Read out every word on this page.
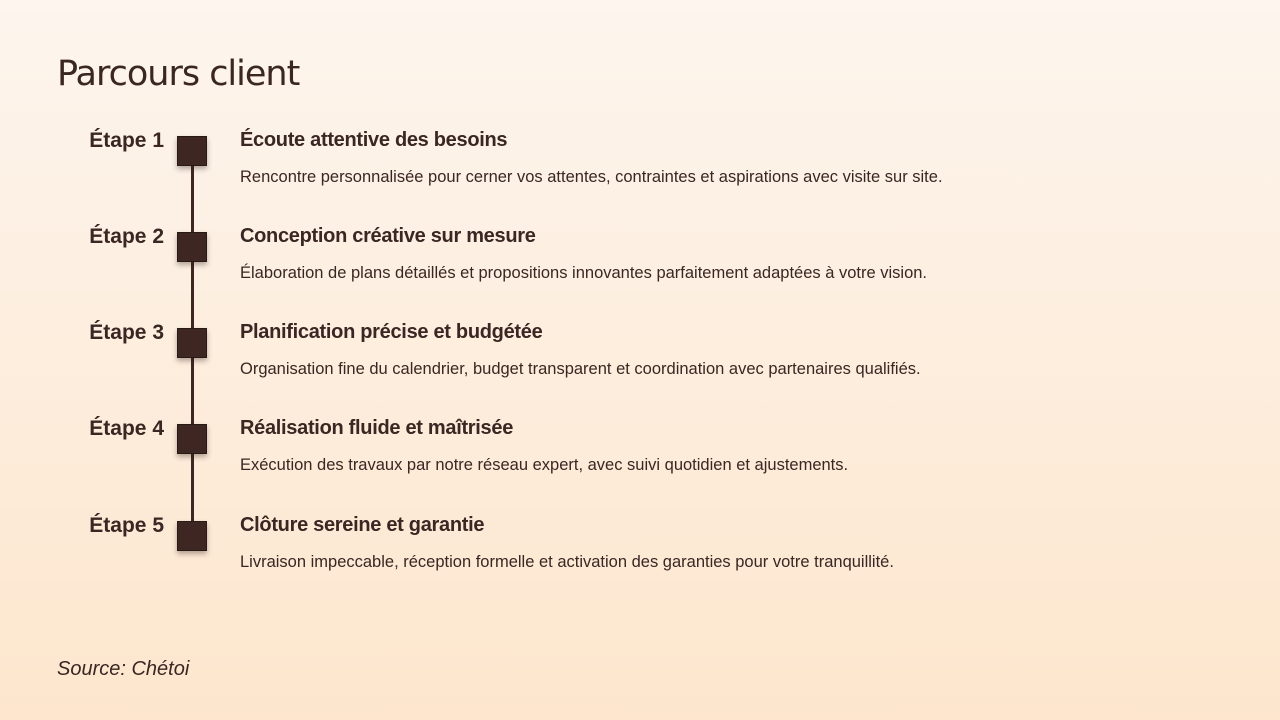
Parcours client
Étape 1	Écoute attentive des besoins
Rencontre personnalisée pour cerner vos attentes, contraintes et aspirations avec visite sur site.
Étape 2	Conception créative sur mesure
Élaboration de plans détaillés et propositions innovantes parfaitement adaptées à votre vision.
Étape 3	Planification précise et budgétée
Organisation fine du calendrier, budget transparent et coordination avec partenaires qualifiés.
Étape 4	Réalisation fluide et maîtrisée
Exécution des travaux par notre réseau expert, avec suivi quotidien et ajustements.
Étape 5	Clôture sereine et garantie
Livraison impeccable, réception formelle et activation des garanties pour votre tranquillité.
Source: Chétoi
